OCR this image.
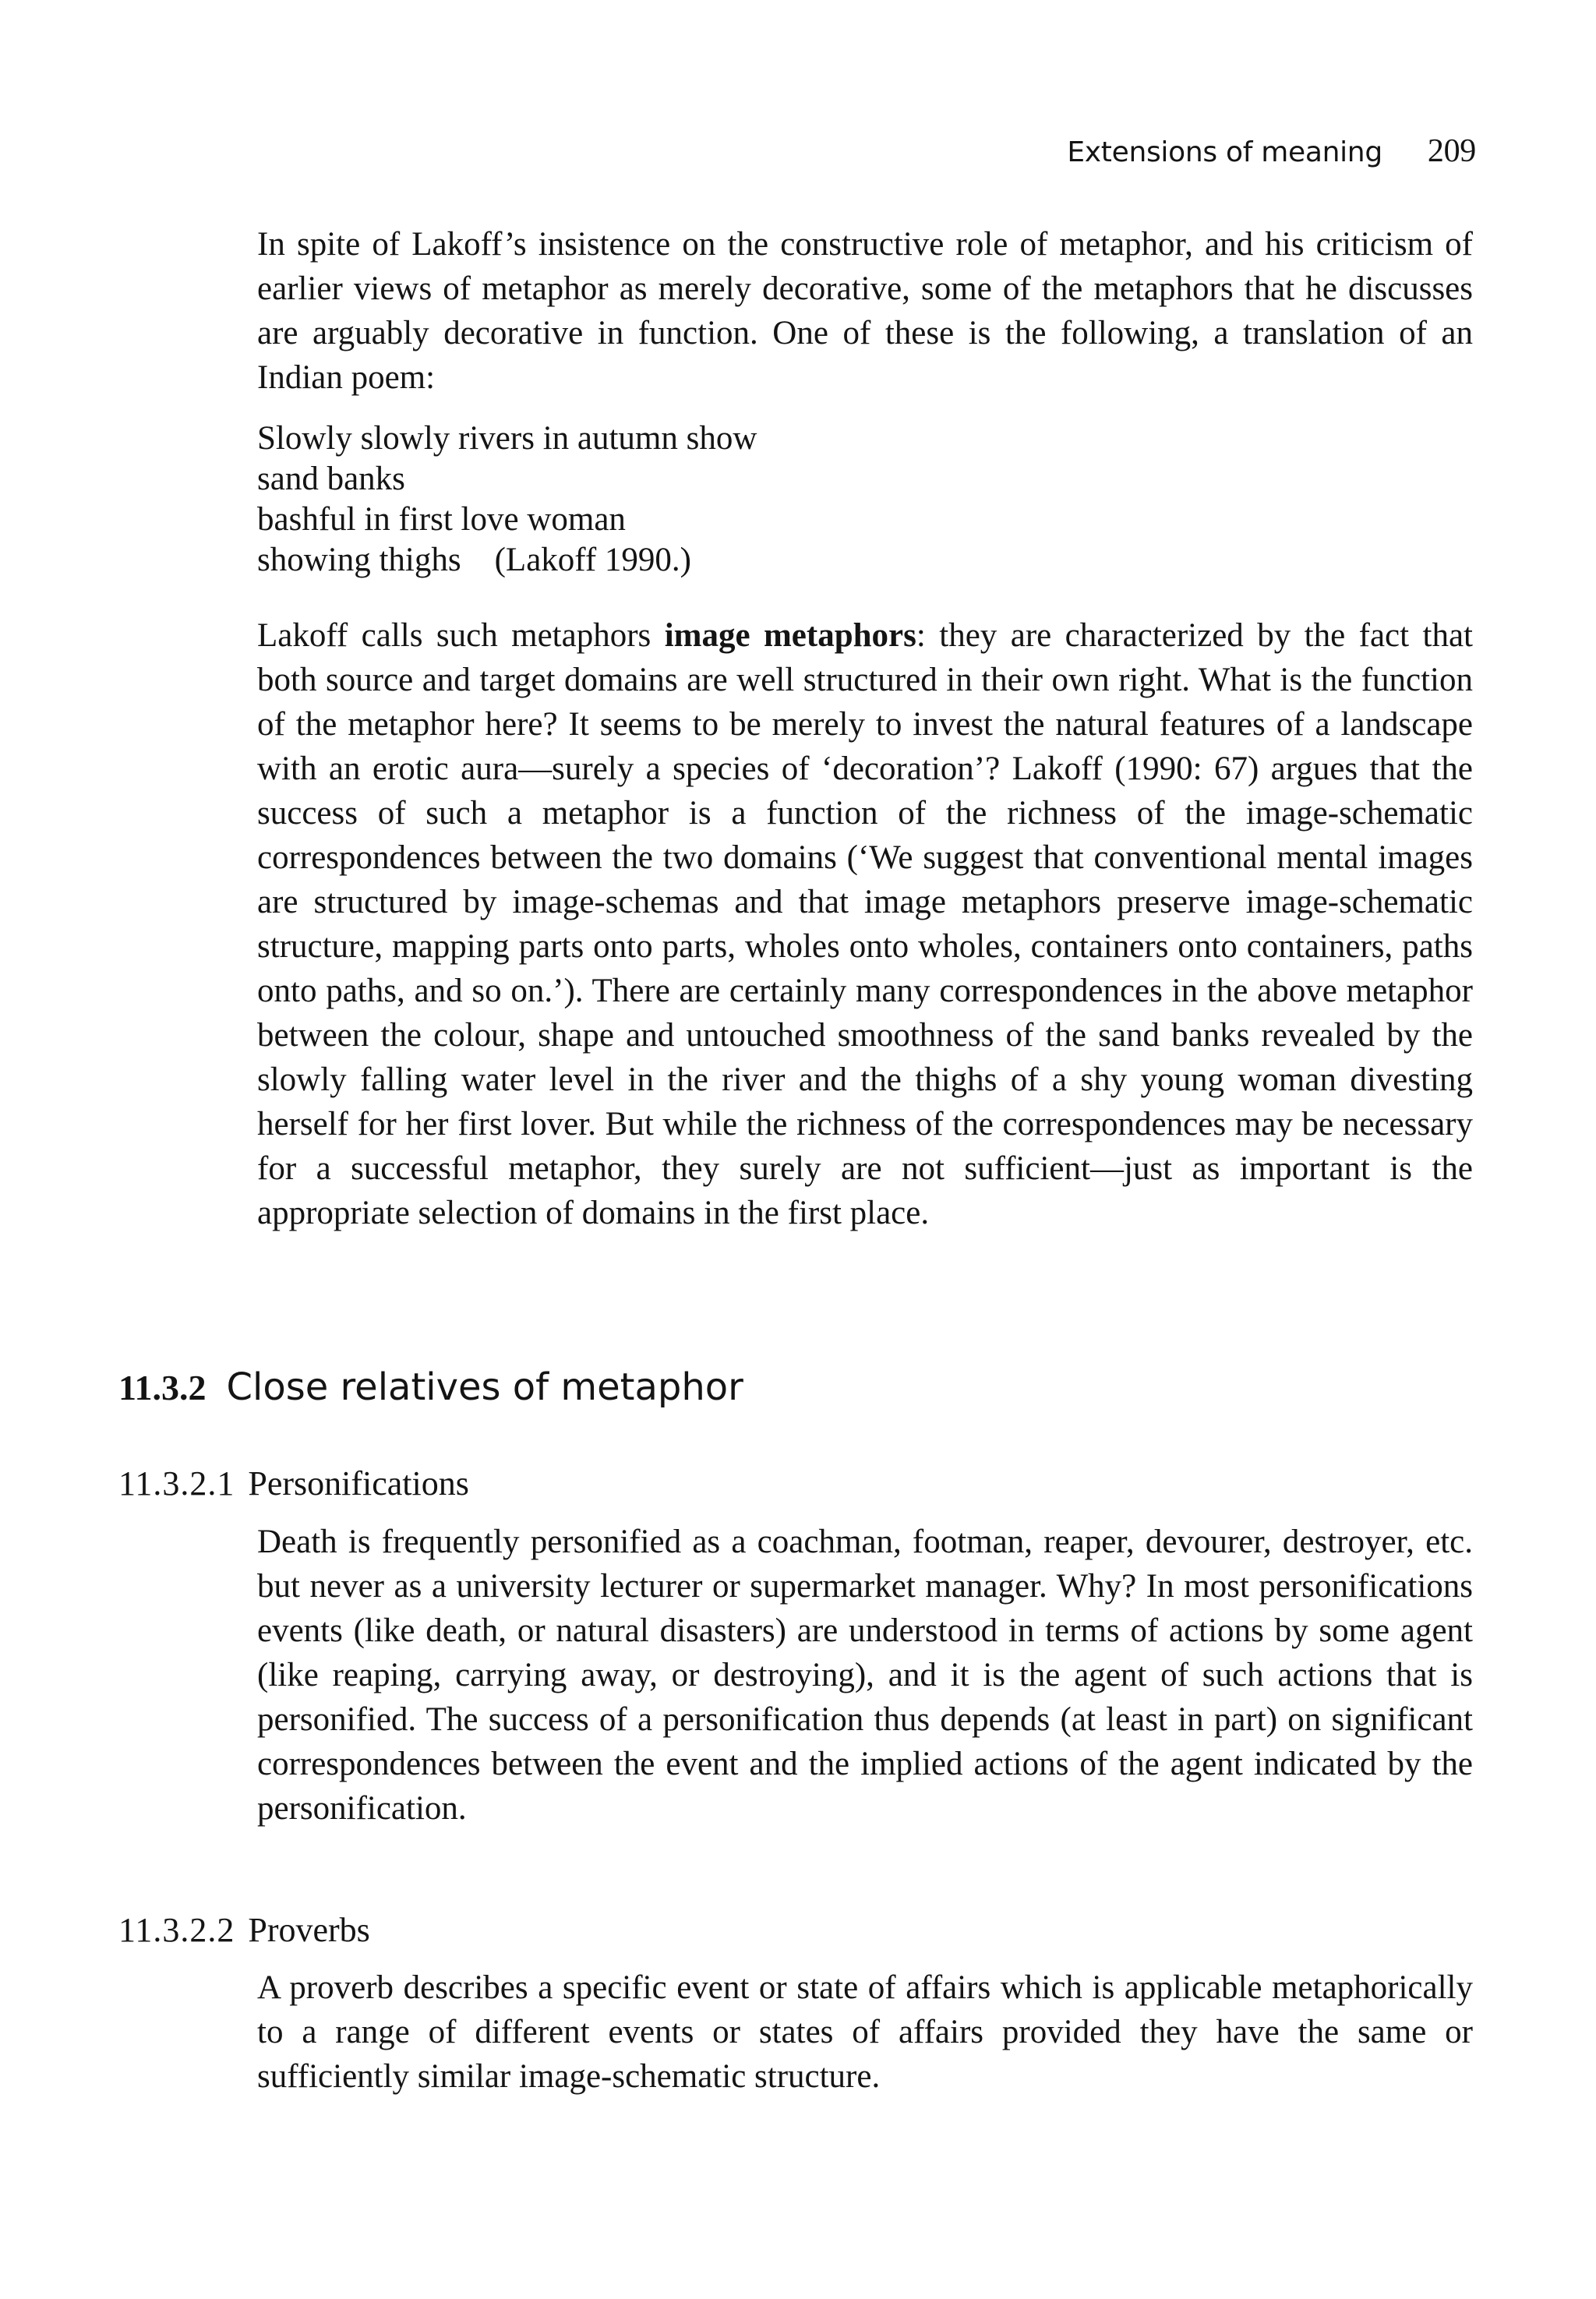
Extensions of meaning 209

In spite of Lakoff’s insistence on the constructive role of metaphor, and his criticism of earlier views of metaphor as merely decorative, some of the metaphors that he discusses are arguably decorative in function. One of these is the following, a translation of an Indian poem:

Slowly slowly rivers in autumn show
sand banks
bashful in first love woman
showing thighs    (Lakoff 1990.)

Lakoff calls such metaphors image metaphors: they are characterized by the fact that both source and target domains are well structured in their own right. What is the function of the metaphor here? It seems to be merely to invest the natural features of a landscape with an erotic aura—surely a species of ‘decoration’? Lakoff (1990: 67) argues that the success of such a metaphor is a function of the richness of the image-schematic correspondences between the two domains (‘We suggest that conventional mental images are structured by image-schemas and that image metaphors preserve image-schematic structure, mapping parts onto parts, wholes onto wholes, containers onto containers, paths onto paths, and so on.’). There are certainly many correspondences in the above metaphor between the colour, shape and untouched smoothness of the sand banks revealed by the slowly falling water level in the river and the thighs of a shy young woman divesting herself for her first lover. But while the richness of the correspondences may be necessary for a successful metaphor, they surely are not sufficient—just as important is the appropriate selection of domains in the first place.

Death is frequently personified as a coachman, footman, reaper, devourer, destroyer, etc. but never as a university lecturer or supermarket manager. Why? In most personifications events (like death, or natural disasters) are understood in terms of actions by some agent (like reaping, carrying away, or destroying), and it is the agent of such actions that is personified. The success of a personification thus depends (at least in part) on significant correspondences between the event and the implied actions of the agent indicated by the personification.

A proverb describes a specific event or state of affairs which is applicable metaphorically to a range of different events or states of affairs provided they have the same or sufficiently similar image-schematic structure.

11.3.2 Close relatives of metaphor
11.3.2.1 Personifications
11.3.2.2 Proverbs
